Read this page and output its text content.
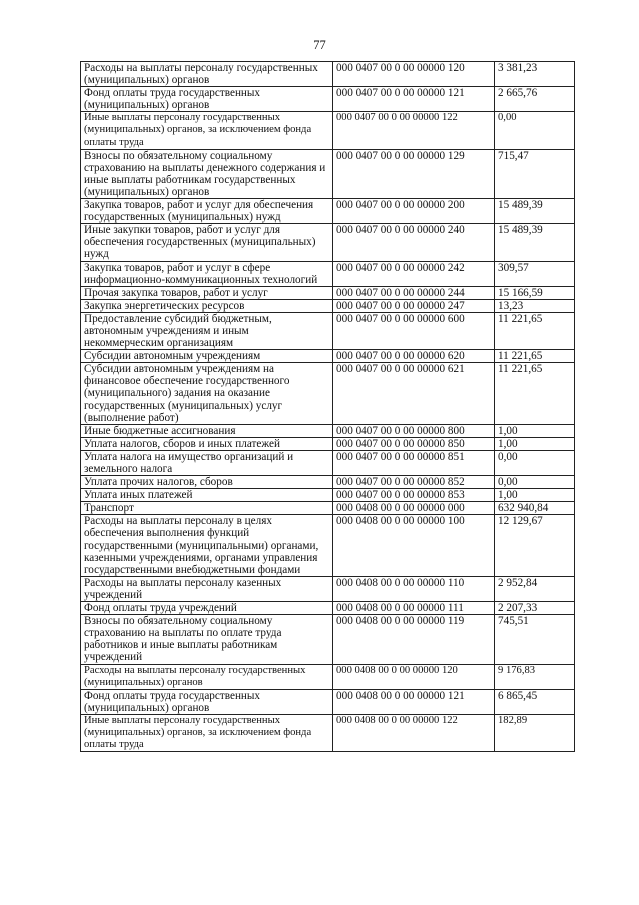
77
Расходы на выплаты персоналу государственных (муниципальных) органов	000 0407 00 0 00 00000 120	3 381,23
Фонд оплаты труда государственных (муниципальных) органов	000 0407 00 0 00 00000 121	2 665,76
Иные выплаты персоналу государственных (муниципальных) органов, за исключением фонда оплаты труда	000 0407 00 0 00 00000 122	0,00
Взносы по обязательному социальному страхованию на выплаты денежного содержания и иные выплаты работникам государственных (муниципальных) органов	000 0407 00 0 00 00000 129	715,47
Закупка товаров, работ и услуг для обеспечения государственных (муниципальных) нужд	000 0407 00 0 00 00000 200	15 489,39
Иные закупки товаров, работ и услуг для обеспечения государственных (муниципальных) нужд	000 0407 00 0 00 00000 240	15 489,39
Закупка товаров, работ и услуг в сфере информационно-коммуникационных технологий	000 0407 00 0 00 00000 242	309,57
Прочая закупка товаров, работ и услуг	000 0407 00 0 00 00000 244	15 166,59
Закупка энергетических ресурсов	000 0407 00 0 00 00000 247	13,23
Предоставление субсидий бюджетным, автономным учреждениям и иным некоммерческим организациям	000 0407 00 0 00 00000 600	11 221,65
Субсидии автономным учреждениям	000 0407 00 0 00 00000 620	11 221,65
Субсидии автономным учреждениям на финансовое обеспечение государственного (муниципального) задания на оказание государственных (муниципальных) услуг (выполнение работ)	000 0407 00 0 00 00000 621	11 221,65
Иные бюджетные ассигнования	000 0407 00 0 00 00000 800	1,00
Уплата налогов, сборов и иных платежей	000 0407 00 0 00 00000 850	1,00
Уплата налога на имущество организаций и земельного налога	000 0407 00 0 00 00000 851	0,00
Уплата прочих налогов, сборов	000 0407 00 0 00 00000 852	0,00
Уплата иных платежей	000 0407 00 0 00 00000 853	1,00
Транспорт	000 0408 00 0 00 00000 000	632 940,84
Расходы на выплаты персоналу в целях обеспечения выполнения функций государственными (муниципальными) органами, казенными учреждениями, органами управления государственными внебюджетными фондами	000 0408 00 0 00 00000 100	12 129,67
Расходы на выплаты персоналу казенных учреждений	000 0408 00 0 00 00000 110	2 952,84
Фонд оплаты труда учреждений	000 0408 00 0 00 00000 111	2 207,33
Взносы по обязательному социальному страхованию на выплаты по оплате труда работников и иные выплаты работникам учреждений	000 0408 00 0 00 00000 119	745,51
Расходы на выплаты персоналу государственных (муниципальных) органов	000 0408 00 0 00 00000 120	9 176,83
Фонд оплаты труда государственных (муниципальных) органов	000 0408 00 0 00 00000 121	6 865,45
Иные выплаты персоналу государственных (муниципальных) органов, за исключением фонда оплаты труда	000 0408 00 0 00 00000 122	182,89
